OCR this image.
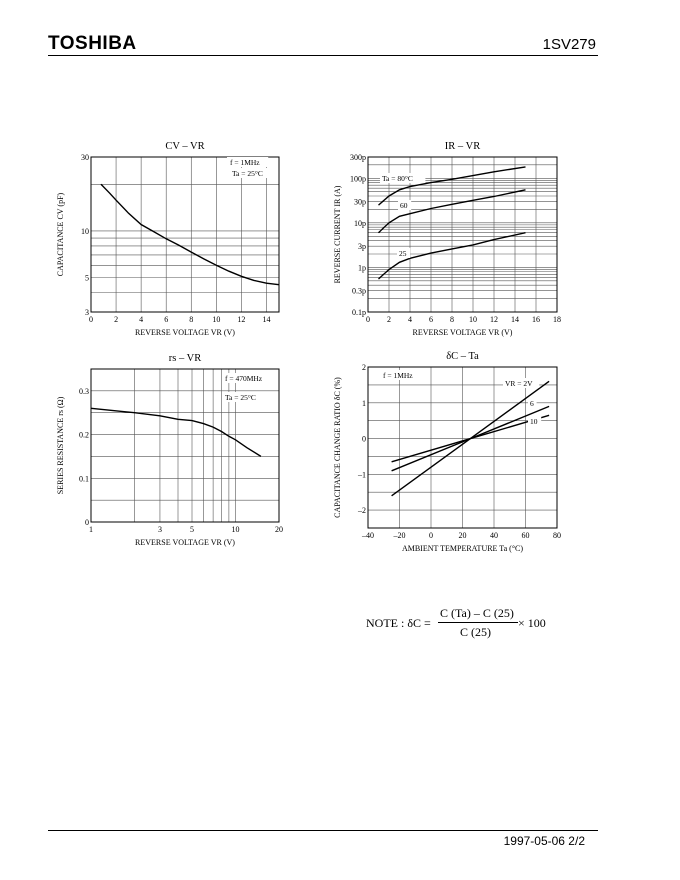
TOSHIBA	1SV279
0	2	4	6	8 10 12 14
3
5
10
30
CV – VR
REVERSE VOLTAGE VR (V)
CAPACITANCE CV (pF)
f = 1MHz
Ta = 25°C
0 2 4 6 8 10 12 14 16 18
0.1p
0.3p
1p
3p
10p
30p
100p
300p
IR – VR
REVERSE VOLTAGE VR (V)
REVERSE CURRENT IR (A)
Ta = 80°C
60
25
1	3	5	10	20
0
0.1
0.2
0.3
rs – VR
REVERSE VOLTAGE VR (V)
SERIES RESISTANCE rs (Ω)
f = 470MHz
Ta = 25°C
–40 –20	0	20	40	60	80
–2
–1
0
1
2
δC – Ta
AMBIENT TEMPERATURE Ta (°C)
CAPACITANCE CHANGE RATIO δC (%)
f = 1MHz
VR = 2V
6
10
NOTE : δC =
C (Ta) – C (25)
C (25)
× 100
1997-05-06 2/2
